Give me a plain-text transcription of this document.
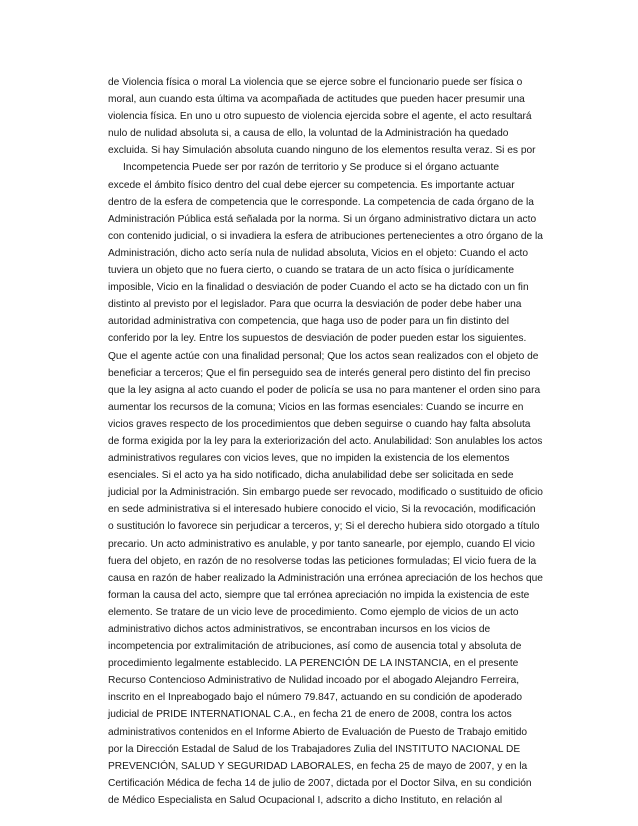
de Violencia física o moral La violencia que se ejerce sobre el funcionario puede ser física o
moral, aun cuando esta última va acompañada de actitudes que pueden hacer presumir una
violencia física. En uno u otro supuesto de violencia ejercida sobre el agente, el acto resultará
nulo de nulidad absoluta si, a causa de ello, la voluntad de la Administración ha quedado
excluida. Si hay Simulación absoluta cuando ninguno de los elementos resulta veraz. Si es por
Incompetencia Puede ser por razón de territorio y Se produce si el órgano actuante
excede el ámbito físico dentro del cual debe ejercer su competencia. Es importante actuar
dentro de la esfera de competencia que le corresponde. La competencia de cada órgano de la
Administración Pública está señalada por la norma. Si un órgano administrativo dictara un acto
con contenido judicial, o si invadiera la esfera de atribuciones pertenecientes a otro órgano de la
Administración, dicho acto sería nula de nulidad absoluta, Vicios en el objeto: Cuando el acto
tuviera un objeto que no fuera cierto, o cuando se tratara de un acto física o jurídicamente
imposible, Vicio en la finalidad o desviación de poder Cuando el acto se ha dictado con un fin
distinto al previsto por el legislador. Para que ocurra la desviación de poder debe haber una
autoridad administrativa con competencia, que haga uso de poder para un fin distinto del
conferido por la ley. Entre los supuestos de desviación de poder pueden estar los siguientes.
Que el agente actúe con una finalidad personal; Que los actos sean realizados con el objeto de
beneficiar a terceros; Que el fin perseguido sea de interés general pero distinto del fin preciso
que la ley asigna al acto cuando el poder de policía se usa no para mantener el orden sino para
aumentar los recursos de la comuna; Vicios en las formas esenciales: Cuando se incurre en
vicios graves respecto de los procedimientos que deben seguirse o cuando hay falta absoluta
de forma exigida por la ley para la exteriorización del acto. Anulabilidad: Son anulables los actos
administrativos regulares con vicios leves, que no impiden la existencia de los elementos
esenciales. Si el acto ya ha sido notificado, dicha anulabilidad debe ser solicitada en sede
judicial por la Administración. Sin embargo puede ser revocado, modificado o sustituido de oficio
en sede administrativa si el interesado hubiere conocido el vicio, Si la revocación, modificación
o sustitución lo favorece sin perjudicar a terceros, y; Si el derecho hubiera sido otorgado a título
precario. Un acto administrativo es anulable, y por tanto sanearle, por ejemplo, cuando El vicio
fuera del objeto, en razón de no resolverse todas las peticiones formuladas; El vicio fuera de la
causa en razón de haber realizado la Administración una errónea apreciación de los hechos que
forman la causa del acto, siempre que tal errónea apreciación no impida la existencia de este
elemento. Se tratare de un vicio leve de procedimiento. Como ejemplo de vicios de un acto
administrativo dichos actos administrativos, se encontraban incursos en los vicios de
incompetencia por extralimitación de atribuciones, así como de ausencia total y absoluta de
procedimiento legalmente establecido. LA PERENCIÓN DE LA INSTANCIA, en el presente
Recurso Contencioso Administrativo de Nulidad incoado por el abogado Alejandro Ferreira,
inscrito en el Inpreabogado bajo el número 79.847, actuando en su condición de apoderado
judicial de PRIDE INTERNATIONAL C.A., en fecha 21 de enero de 2008, contra los actos
administrativos contenidos en el Informe Abierto de Evaluación de Puesto de Trabajo emitido
por la Dirección Estadal de Salud de los Trabajadores Zulia del INSTITUTO NACIONAL DE
PREVENCIÓN, SALUD Y SEGURIDAD LABORALES, en fecha 25 de mayo de 2007, y en la
Certificación Médica de fecha 14 de julio de 2007, dictada por el Doctor Silva, en su condición
de Médico Especialista en Salud Ocupacional I, adscrito a dicho Instituto, en relación al
